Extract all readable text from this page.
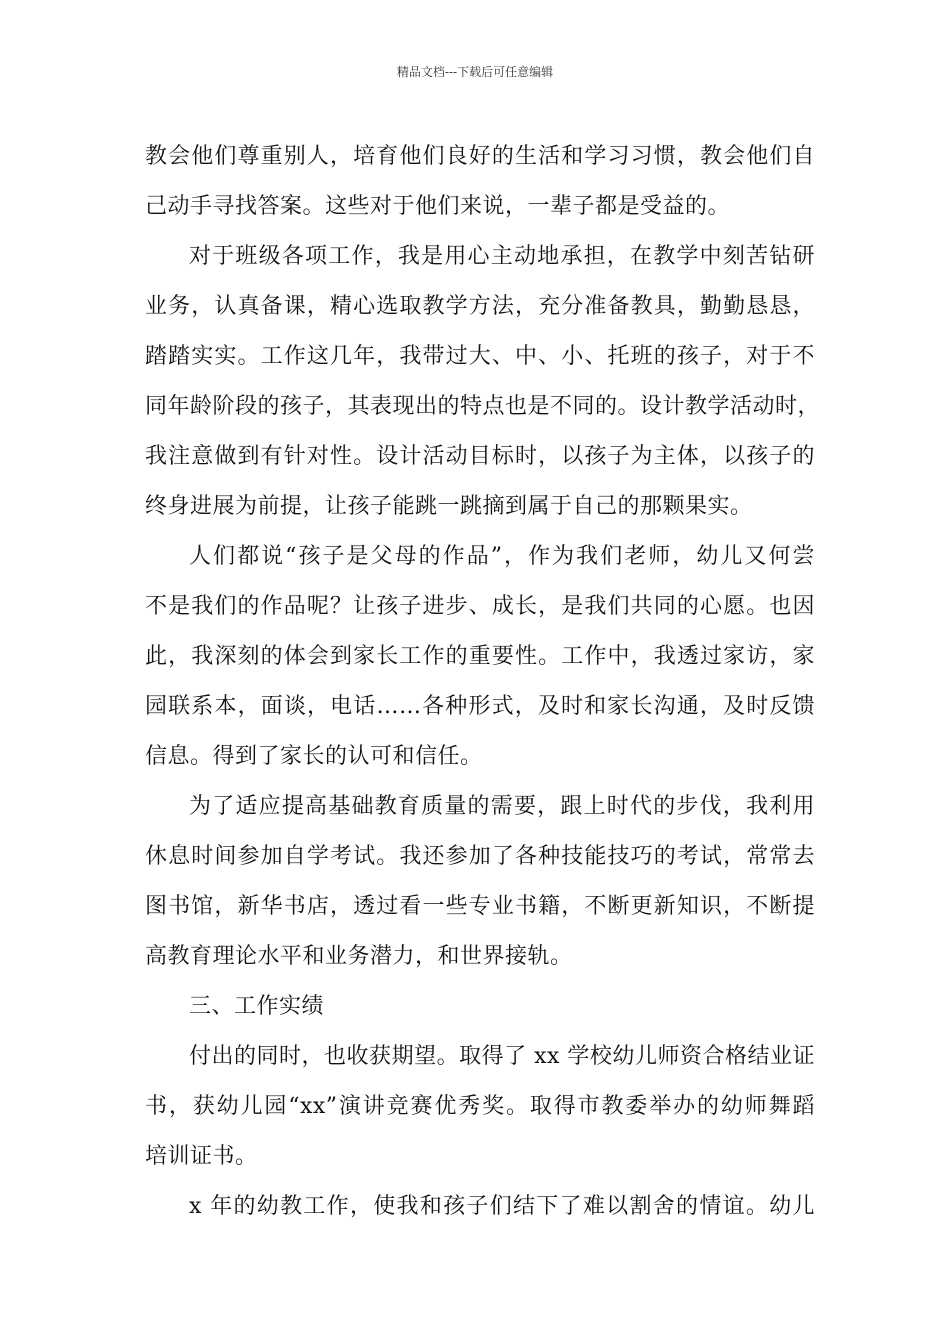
精品文档---下载后可任意编辑
教会他们尊重别人，培育他们良好的生活和学习习惯，教会他们自
己动手寻找答案。这些对于他们来说，一辈子都是受益的。
对于班级各项工作，我是用心主动地承担，在教学中刻苦钻研
业务，认真备课，精心选取教学方法，充分准备教具，勤勤恳恳，
踏踏实实。工作这几年，我带过大、中、小、托班的孩子，对于不
同年龄阶段的孩子，其表现出的特点也是不同的。设计教学活动时，
我注意做到有针对性。设计活动目标时，以孩子为主体，以孩子的
终身进展为前提，让孩子能跳一跳摘到属于自己的那颗果实。
人们都说“孩子是父母的作品”，作为我们老师，幼儿又何尝
不是我们的作品呢？让孩子进步、成长，是我们共同的心愿。也因
此，我深刻的体会到家长工作的重要性。工作中，我透过家访，家
园联系本，面谈，电话……各种形式，及时和家长沟通，及时反馈
信息。得到了家长的认可和信任。
为了适应提高基础教育质量的需要，跟上时代的步伐，我利用
休息时间参加自学考试。我还参加了各种技能技巧的考试，常常去
图书馆，新华书店，透过看一些专业书籍，不断更新知识，不断提
高教育理论水平和业务潜力，和世界接轨。
三、工作实绩
付出的同时，也收获期望。取得了 xx 学校幼儿师资合格结业证
书，获幼儿园“xx”演讲竞赛优秀奖。取得市教委举办的幼师舞蹈
培训证书。
x 年的幼教工作，使我和孩子们结下了难以割舍的情谊。幼儿
